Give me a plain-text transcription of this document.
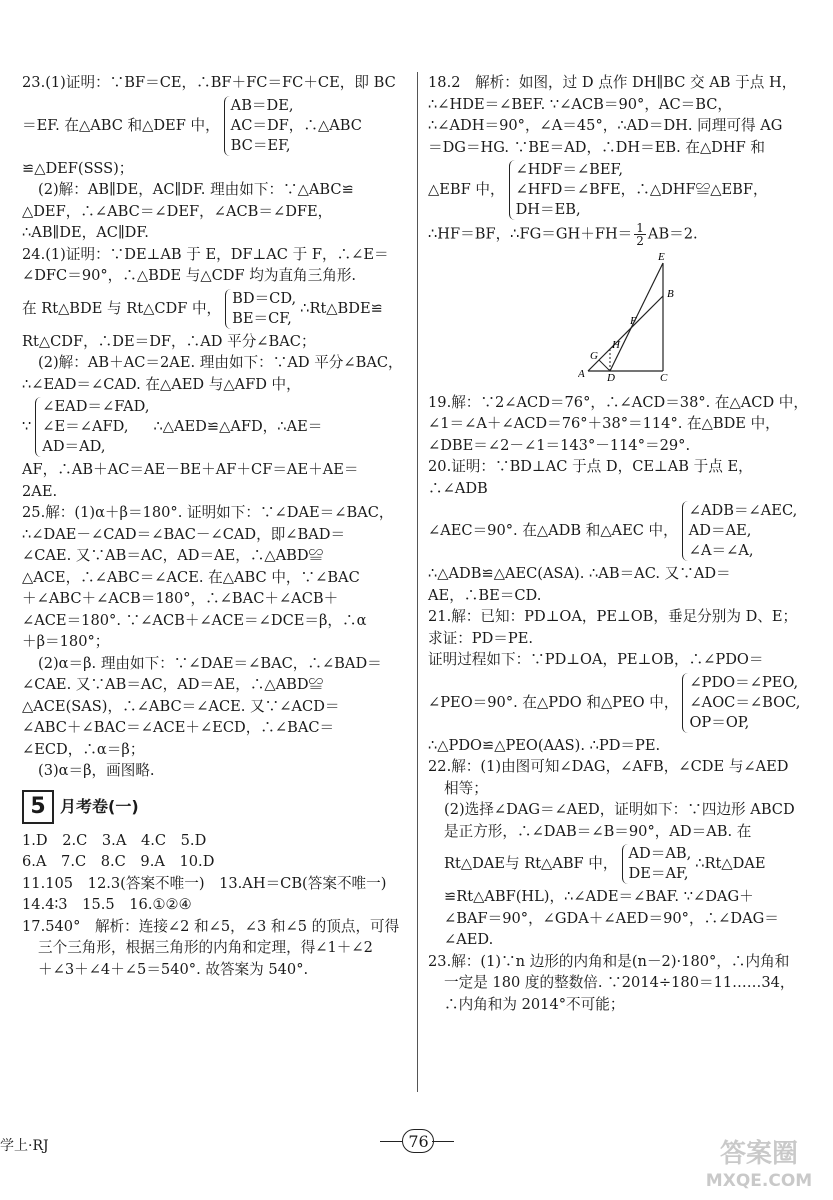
23.(1)证明：∵BF＝CE，∴BF＋FC＝FC＋CE，即 BC
＝EF. 在△ABC 和△DEF 中，
AB＝DE,
AC＝DF，∴△ABC
BC＝EF,
≌△DEF(SSS)；
(2)解：AB∥DE，AC∥DF. 理由如下：∵△ABC≌
△DEF，∴∠ABC＝∠DEF，∠ACB＝∠DFE，
∴AB∥DE，AC∥DF.
24.(1)证明：∵DE⊥AB 于 E，DF⊥AC 于 F，∴∠E＝
∠DFC＝90°，∴△BDE 与△CDF 均为直角三角形.
在 Rt△BDE 与 Rt△CDF 中，
BD＝CD,
BE＝CF,
∴Rt△BDE≌
Rt△CDF，∴DE＝DF，∴AD 平分∠BAC；
(2)解：AB＋AC＝2AE. 理由如下：∵AD 平分∠BAC，
∴∠EAD＝∠CAD. 在△AED 与△AFD 中，
∵
∠EAD＝∠FAD,
∠E＝∠AFD,
AD＝AD,
∴△AED≌△AFD，∴AE＝
AF，∴AB＋AC＝AE－BE＋AF＋CF＝AE＋AE＝
2AE.
25.解：(1)α＋β＝180°. 证明如下：∵∠DAE＝∠BAC，
∴∠DAE－∠CAD＝∠BAC－∠CAD，即∠BAD＝
∠CAE. 又∵AB＝AC，AD＝AE，∴△ABD≌
△ACE，∴∠ABC＝∠ACE. 在△ABC 中，∵∠BAC
＋∠ABC＋∠ACB＝180°，∴∠BAC＋∠ACB＋
∠ACE＝180°. ∵∠ACB＋∠ACE＝∠DCE＝β，∴α
＋β＝180°；
(2)α＝β. 理由如下：∵∠DAE＝∠BAC，∴∠BAD＝
∠CAE. 又∵AB＝AC，AD＝AE，∴△ABD≌
△ACE(SAS)，∴∠ABC＝∠ACE. 又∵∠ACD＝
∠ABC＋∠BAC＝∠ACE＋∠ECD，∴∠BAC＝
∠ECD，∴α＝β；
(3)α＝β，画图略.
5 月考卷(一)
1.D　2.C　3.A　4.C　5.D
6.A　7.C　8.C　9.A　10.D
11.105　12.3(答案不唯一)　13.AH＝CB(答案不唯一)
14.4∶3　15.5　16.①②④
17.540°　解析：连接∠2 和∠5，∠3 和∠5 的顶点，可得
三个三角形，根据三角形的内角和定理，得∠1＋∠2
＋∠3＋∠4＋∠5＝540°. 故答案为 540°.
18.2　解析：如图，过 D 点作 DH∥BC 交 AB 于点 H，
∴∠HDE＝∠BEF. ∵∠ACB＝90°，AC＝BC，
∴∠ADH＝90°，∠A＝45°，∴AD＝DH. 同理可得 AG
＝DG＝HG. ∵BE＝AD，∴DH＝EB. 在△DHF 和
△EBF 中，
∠HDF＝∠BEF,
∠HFD＝∠BFE，∴△DHF≌△EBF，
DH＝EB,
∴HF＝BF，∴FG＝GH＋FH＝ $\frac{1}{2} AB=2$.
E
B
F
H
G
A D	C
19.解：∵2∠ACD＝76°，∴∠ACD＝38°. 在△ACD 中，
∠1＝∠A＋∠ACD＝76°＋38°＝114°. 在△BDE 中，
∠DBE＝∠2－∠1＝143°－114°＝29°.
20.证明：∵BD⊥AC 于点 D，CE⊥AB 于点 E，∴∠ADB
∠AEC＝90°. 在△ADB 和△AEC 中，
∠ADB＝∠AEC,
AD＝AE,
∠A＝∠A,
∴△ADB≌△AEC(ASA). ∴AB＝AC. 又∵AD＝
AE，∴BE＝CD.
21.解：已知：PD⊥OA，PE⊥OB，垂足分别为 D、E；
求证：PD＝PE.
证明过程如下：∵PD⊥OA，PE⊥OB，∴∠PDO＝
∠PEO＝90°. 在△PDO 和△PEO 中，
∠PDO＝∠PEO,
∠AOC＝∠BOC,
OP＝OP,
∴△PDO≌△PEO(AAS). ∴PD＝PE.
22.解：(1)由图可知∠DAG，∠AFB，∠CDE 与∠AED
相等；
(2)选择∠DAG＝∠AED，证明如下：∵四边形 ABCD
是正方形，∴∠DAB＝∠B＝90°，AD＝AB. 在
Rt△DAE与 Rt△ABF 中，
AD＝AB,
DE＝AF,
∴Rt△DAE
≌Rt△ABF(HL)，∴∠ADE＝∠BAF. ∵∠DAG＋
∠BAF＝90°，∠GDA＋∠AED＝90°，∴∠DAG＝
∠AED.
23.解：(1)∵n 边形的内角和是(n－2)·180°，∴内角和
一定是 180 度的整数倍. ∵2014÷180＝11……34，
∴内角和为 2014°不可能；
学上·RJ	76	答案圈
MXQE.COM
